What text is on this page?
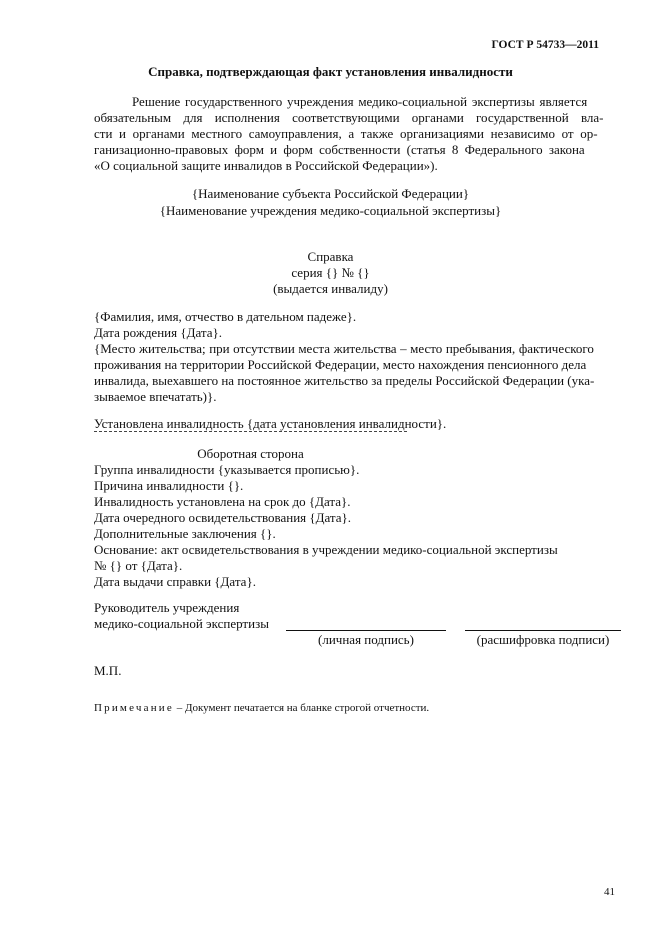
ГОСТ Р 54733—2011
Справка, подтверждающая факт установления инвалидности
Решение государственного учреждения медико-социальной экспертизы является
обязательным для исполнения соответствующими органами государственной вла-
сти и органами местного самоуправления, а также организациями независимо от ор-
ганизационно-правовых форм и форм собственности (статья 8 Федерального закона
«О социальной защите инвалидов в Российской Федерации»).
{Наименование субъекта Российской Федерации}
{Наименование учреждения медико-социальной экспертизы}
Справка
серия {} № {}
(выдается инвалиду)
{Фамилия, имя, отчество в дательном падеже}.
Дата рождения {Дата}.
{Место жительства; при отсутствии места жительства – место пребывания, фактического
проживания на территории Российской Федерации, место нахождения пенсионного дела
инвалида, выехавшего на постоянное жительство за пределы Российской Федерации (ука-
зываемое впечатать)}.
Установлена инвалидность {дата установления инвалидности}.
Оборотная сторона
Группа инвалидности {указывается прописью}.
Причина инвалидности {}.
Инвалидность установлена на срок до {Дата}.
Дата очередного освидетельствования {Дата}.
Дополнительные заключения {}.
Основание: акт освидетельствования в учреждении медико-социальной экспертизы
№ {} от {Дата}.
Дата выдачи справки {Дата}.
Руководитель учреждения
медико-социальной экспертизы
(личная подпись)	(расшифровка подписи)
М.П.
Примечание – Документ печатается на бланке строгой отчетности.
41
